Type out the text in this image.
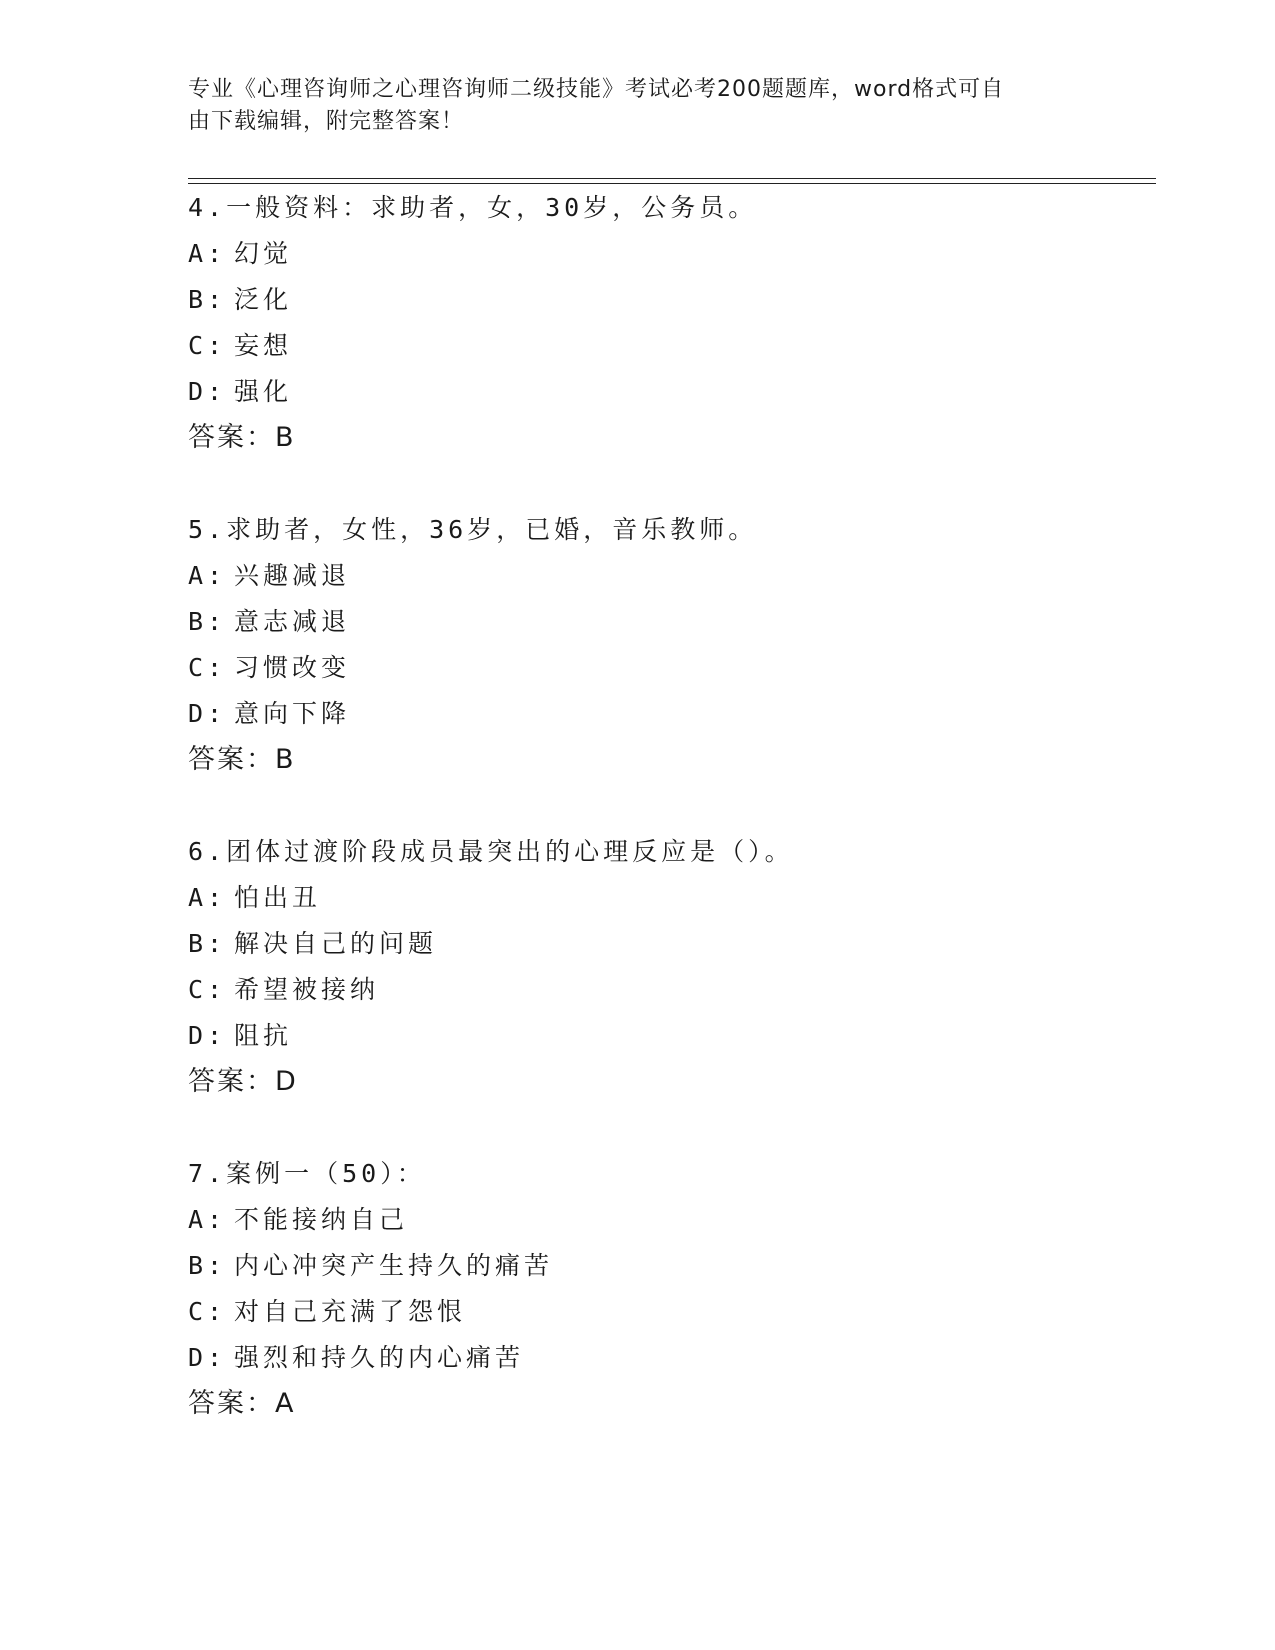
专业《心理咨询师之心理咨询师二级技能》考试必考200题题库，word格式可自
由下载编辑，附完整答案！
4.一般资料：求助者，女，30岁，公务员。
A: 幻觉
B: 泛化
C: 妄想
D: 强化
答案：B
5.求助者，女性，36岁，已婚，音乐教师。
A: 兴趣减退
B: 意志减退
C: 习惯改变
D: 意向下降
答案：B
6.团体过渡阶段成员最突出的心理反应是（）。
A: 怕出丑
B: 解决自己的问题
C: 希望被接纳
D: 阻抗
答案：D
7.案例一（50）：
A: 不能接纳自己
B: 内心冲突产生持久的痛苦
C: 对自己充满了怨恨
D: 强烈和持久的内心痛苦
答案：A
